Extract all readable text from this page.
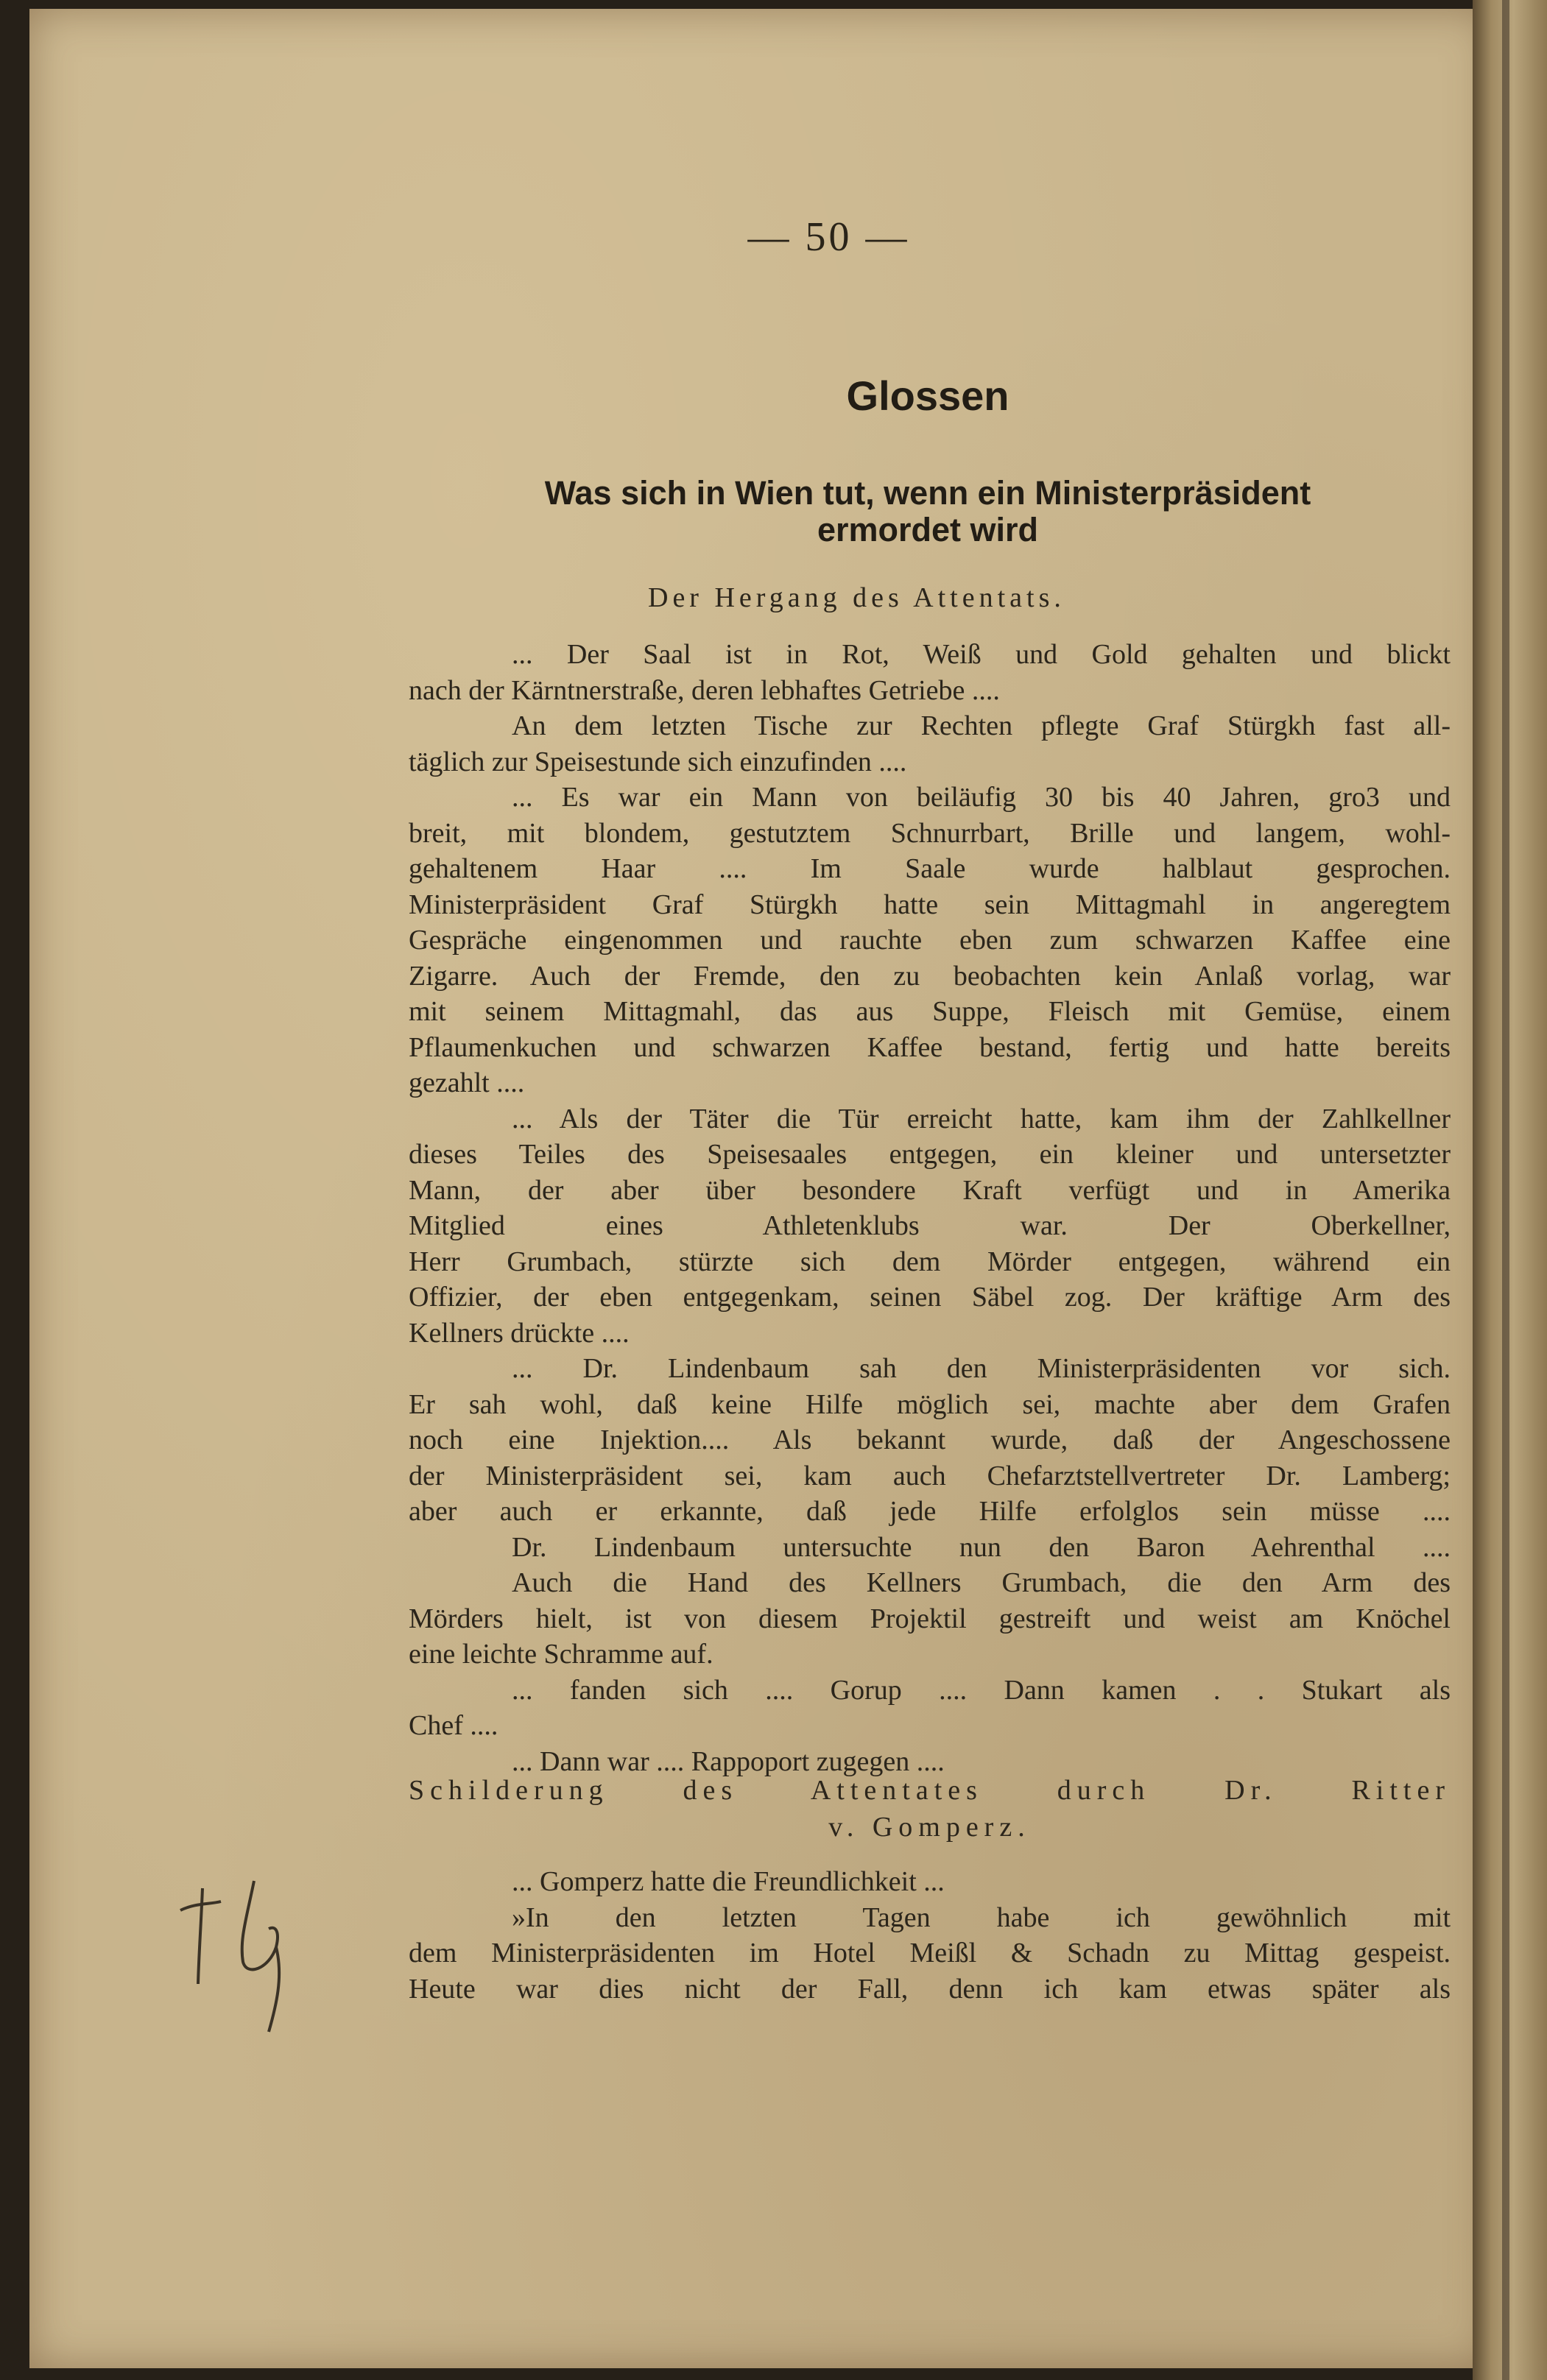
— 50 —
Glossen
Was sich in Wien tut, wenn ein Ministerpräsident
ermordet wird
Der Hergang des Attentats.
... Der Saal ist in Rot, Weiß und Gold gehalten und blickt
nach der Kärntnerstraße, deren lebhaftes Getriebe ....
An dem letzten Tische zur Rechten pflegte Graf Stürgkh fast all-
täglich zur Speisestunde sich einzufinden ....
... Es war ein Mann von beiläufig 30 bis 40 Jahren, gro3 und
breit, mit blondem, gestutztem Schnurrbart, Brille und langem, wohl-
gehaltenem Haar .... Im Saale wurde halblaut gesprochen.
Ministerpräsident Graf Stürgkh hatte sein Mittagmahl in angeregtem
Gespräche eingenommen und rauchte eben zum schwarzen Kaffee eine
Zigarre. Auch der Fremde, den zu beobachten kein Anlaß vorlag, war
mit seinem Mittagmahl, das aus Suppe, Fleisch mit Gemüse, einem
Pflaumenkuchen und schwarzen Kaffee bestand, fertig und hatte bereits
gezahlt ....
... Als der Täter die Tür erreicht hatte, kam ihm der Zahlkellner
dieses Teiles des Speisesaales entgegen, ein kleiner und untersetzter
Mann, der aber über besondere Kraft verfügt und in Amerika
Mitglied eines Athletenklubs war. Der Oberkellner,
Herr Grumbach, stürzte sich dem Mörder entgegen, während ein
Offizier, der eben entgegenkam, seinen Säbel zog. Der kräftige Arm des
Kellners drückte ....
... Dr. Lindenbaum sah den Ministerpräsidenten vor sich.
Er sah wohl, daß keine Hilfe möglich sei, machte aber dem Grafen
noch eine Injektion.... Als bekannt wurde, daß der Angeschossene
der Ministerpräsident sei, kam auch Chefarztstellvertreter Dr. Lamberg;
aber auch er erkannte, daß jede Hilfe erfolglos sein müsse ....
Dr. Lindenbaum untersuchte nun den Baron Aehrenthal ....
Auch die Hand des Kellners Grumbach, die den Arm des
Mörders hielt, ist von diesem Projektil gestreift und weist am Knöchel
eine leichte Schramme auf.
... fanden sich .... Gorup .... Dann kamen . . Stukart als
Chef ....
... Dann war .... Rappoport zugegen ....
Schilderung des Attentates durch Dr. Ritter
v. Gomperz.
... Gomperz hatte die Freundlichkeit ...
»In den letzten Tagen habe ich gewöhnlich mit
dem Ministerpräsidenten im Hotel Meißl & Schadn zu Mittag gespeist.
Heute war dies nicht der Fall, denn ich kam etwas später als
